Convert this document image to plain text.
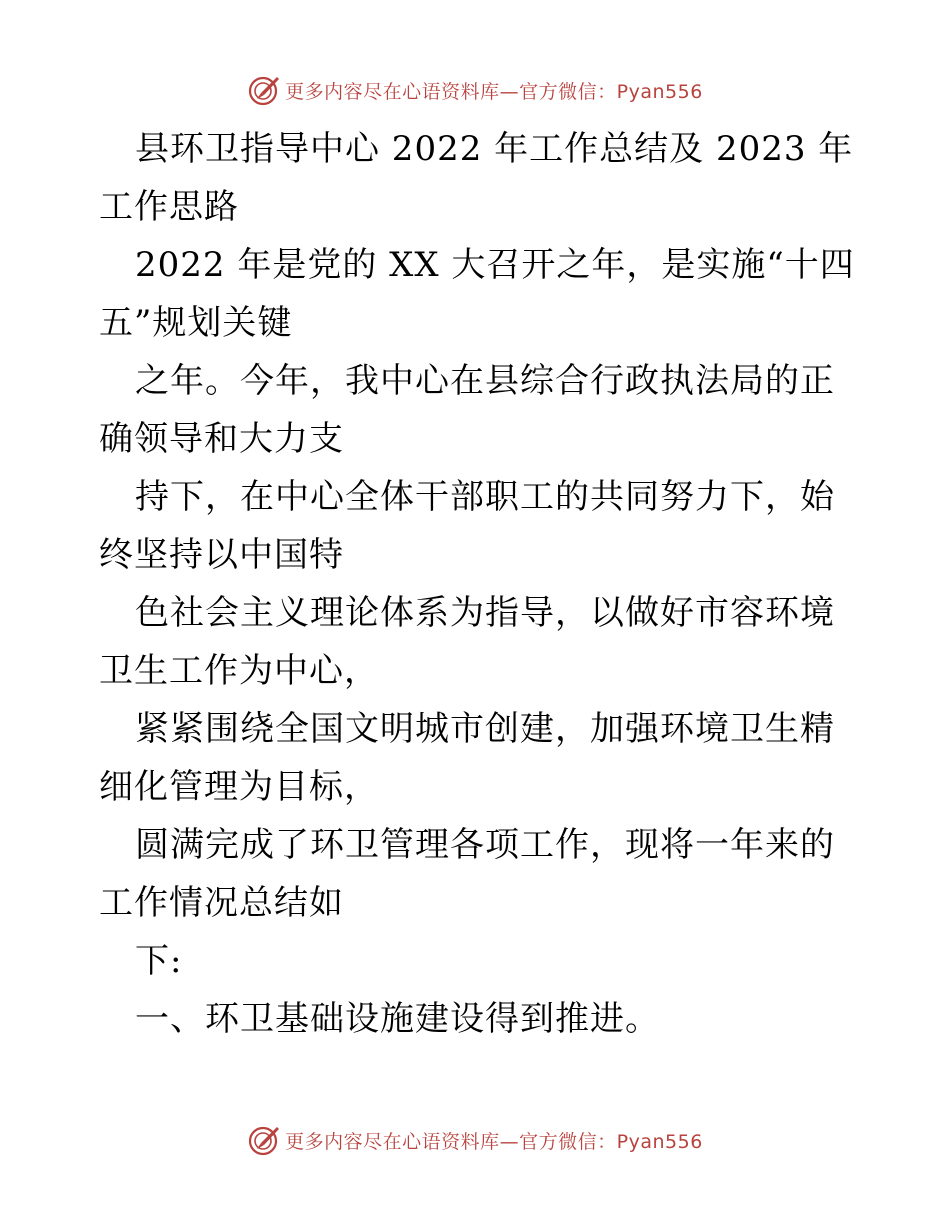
更多内容尽在心语资料库—官方微信：Pyan556

县环卫指导中心 2022 年工作总结及 2023 年工作思路

2022 年是党的 XX 大召开之年，是实施“十四五”规划关键

之年。今年，我中心在县综合行政执法局的正确领导和大力支

持下，在中心全体干部职工的共同努力下，始终坚持以中国特

色社会主义理论体系为指导，以做好市容环境卫生工作为中心，

紧紧围绕全国文明城市创建，加强环境卫生精细化管理为目标，

圆满完成了环卫管理各项工作，现将一年来的工作情况总结如

下:

一、环卫基础设施建设得到推进。

更多内容尽在心语资料库—官方微信：Pyan556
